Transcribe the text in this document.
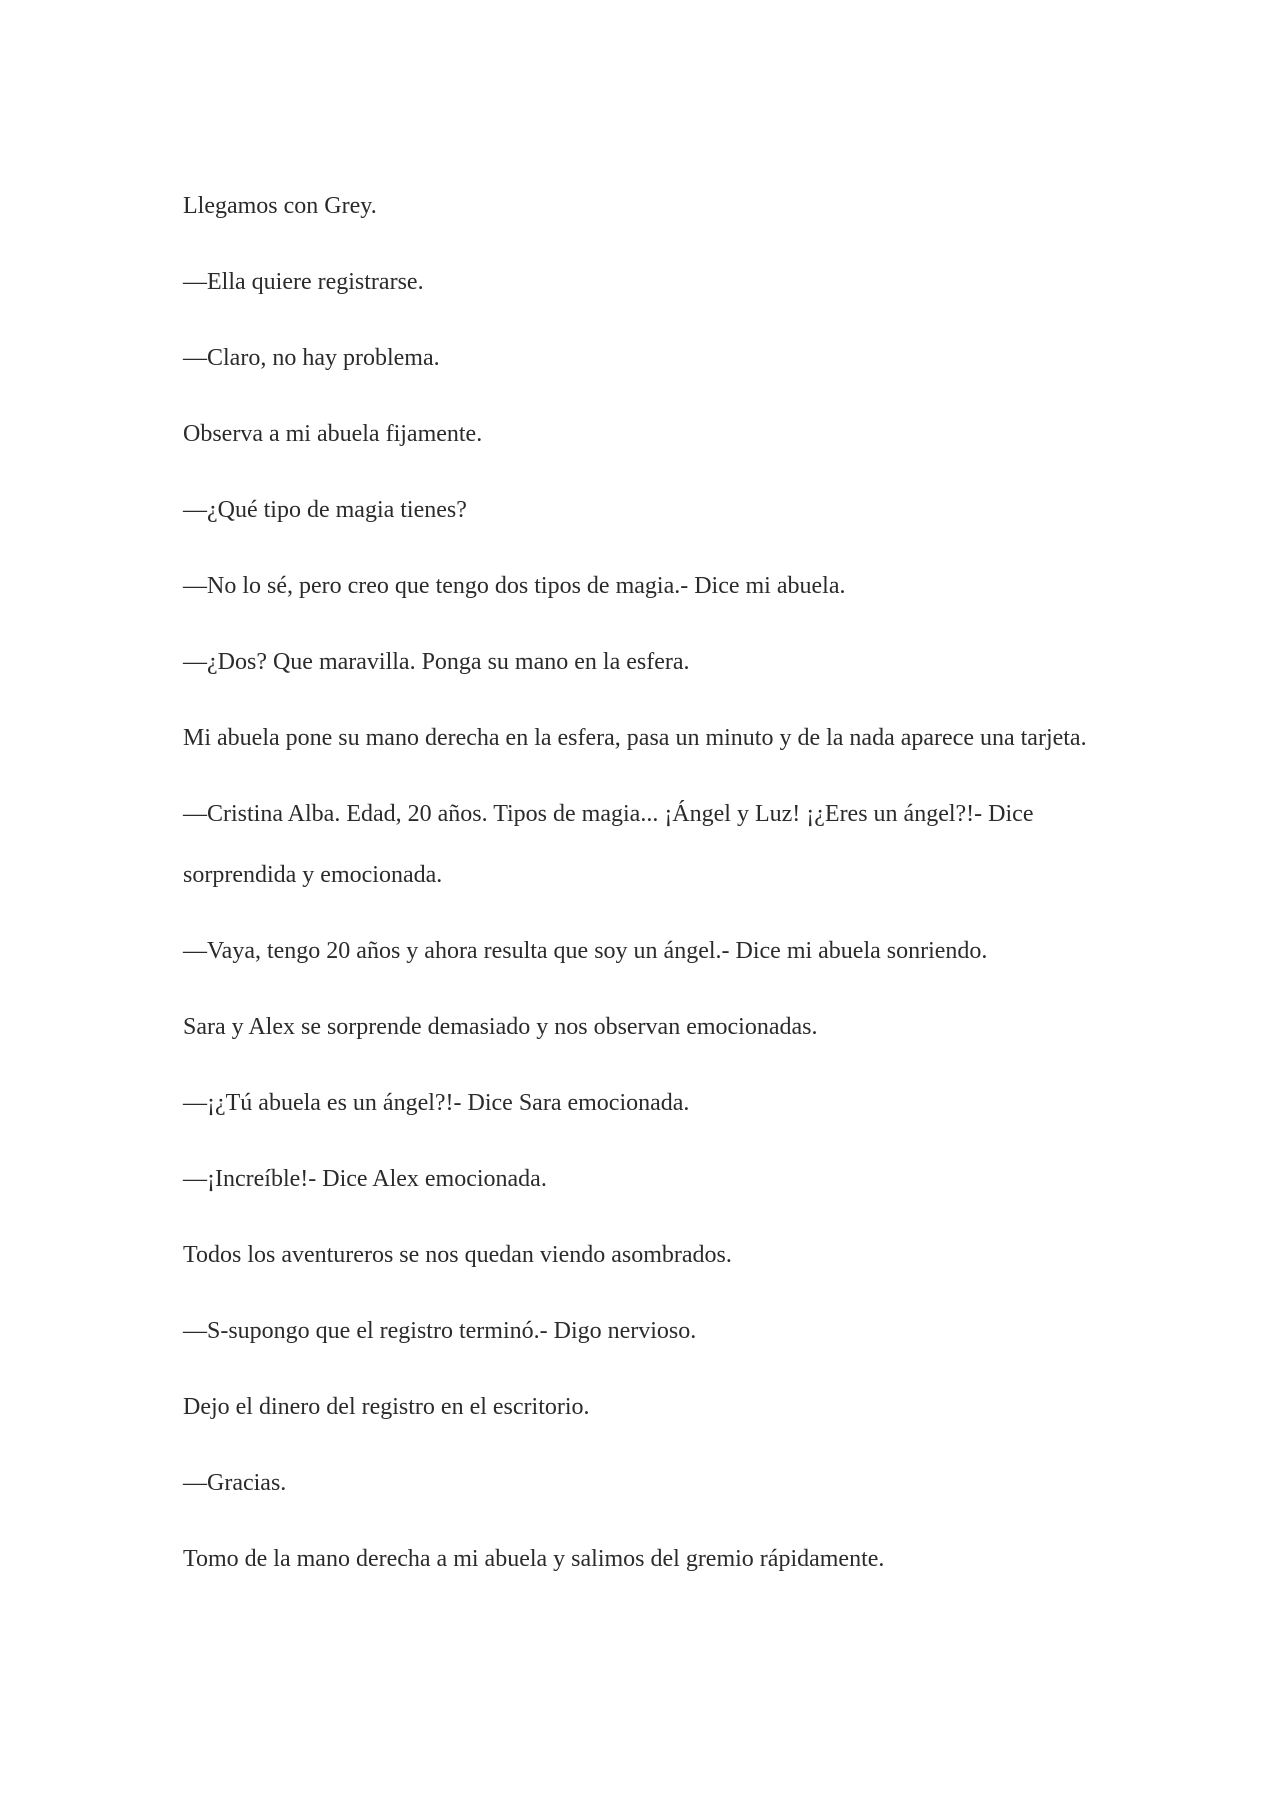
Llegamos con Grey.

—Ella quiere registrarse.

—Claro, no hay problema.

Observa a mi abuela fijamente.

—¿Qué tipo de magia tienes?

—No lo sé, pero creo que tengo dos tipos de magia.- Dice mi abuela.

—¿Dos? Que maravilla. Ponga su mano en la esfera.

Mi abuela pone su mano derecha en la esfera, pasa un minuto y de la nada aparece una tarjeta.

—Cristina Alba. Edad, 20 años. Tipos de magia... ¡Ángel y Luz! ¡¿Eres un ángel?!- Dice sorprendida y emocionada.

—Vaya, tengo 20 años y ahora resulta que soy un ángel.- Dice mi abuela sonriendo.

Sara y Alex se sorprende demasiado y nos observan emocionadas.

—¡¿Tú abuela es un ángel?!- Dice Sara emocionada.

—¡Increíble!- Dice Alex emocionada.

Todos los aventureros se nos quedan viendo asombrados.

—S-supongo que el registro terminó.- Digo nervioso.

Dejo el dinero del registro en el escritorio.

—Gracias.

Tomo de la mano derecha a mi abuela y salimos del gremio rápidamente.
